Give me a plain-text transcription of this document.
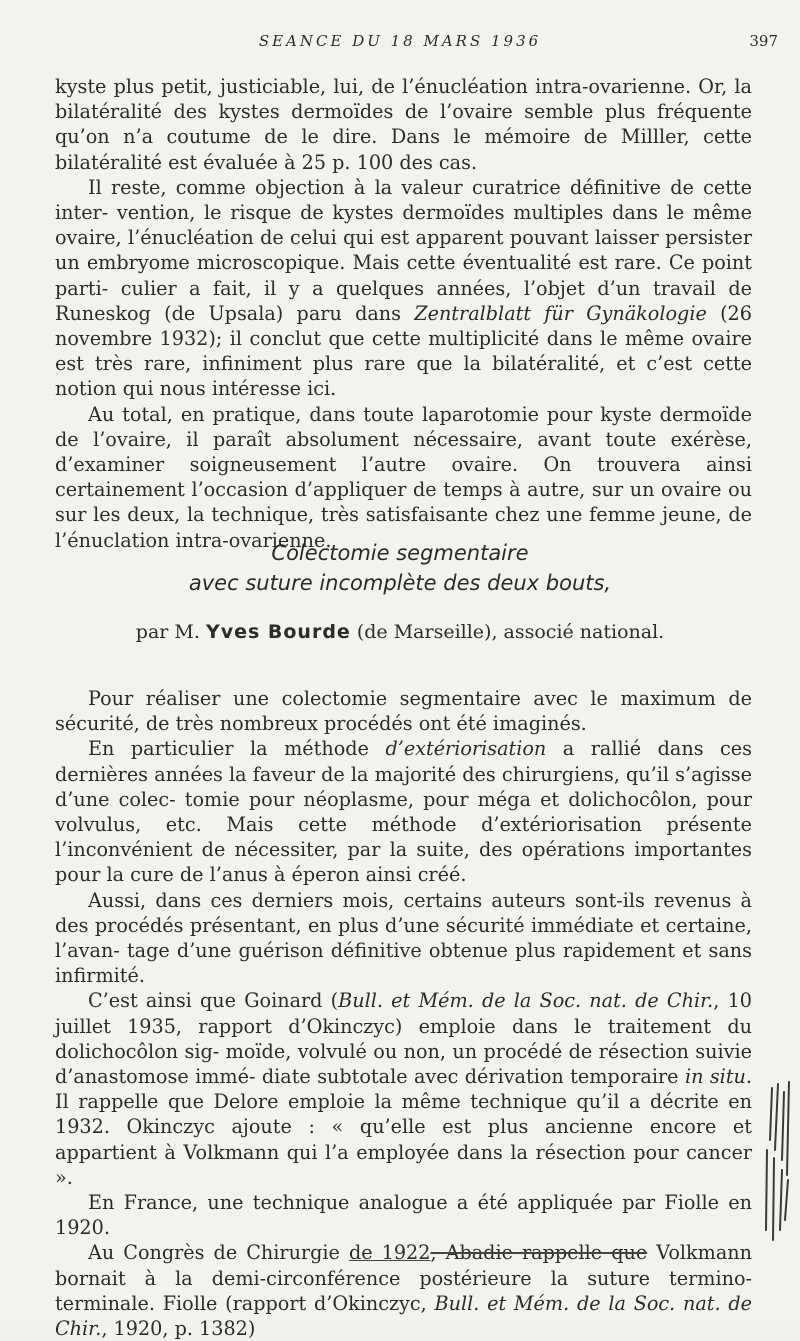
SEANCE DU 18 MARS 1936	397

kyste plus petit, justiciable, lui, de l’énucléation intra-ovarienne. Or, la bilatéralité des kystes dermoïdes de l’ovaire semble plus fréquente qu’on n’a coutume de le dire. Dans le mémoire de Milller, cette bilatéralité est évaluée à 25 p. 100 des cas.

Il reste, comme objection à la valeur curatrice définitive de cette inter- vention, le risque de kystes dermoïdes multiples dans le même ovaire, l’énucléation de celui qui est apparent pouvant laisser persister un embryome microscopique. Mais cette éventualité est rare. Ce point parti- culier a fait, il y a quelques années, l’objet d’un travail de Runeskog (de Upsala) paru dans Zentralblatt für Gynäkologie (26 novembre 1932); il conclut que cette multiplicité dans le même ovaire est très rare, infiniment plus rare que la bilatéralité, et c’est cette notion qui nous intéresse ici.

Au total, en pratique, dans toute laparotomie pour kyste dermoïde de l’ovaire, il paraît absolument nécessaire, avant toute exérèse, d’examiner soigneusement l’autre ovaire. On trouvera ainsi certainement l’occasion d’appliquer de temps à autre, sur un ovaire ou sur les deux, la technique, très satisfaisante chez une femme jeune, de l’énuclation intra-ovarienne.

Colectomie segmentaire
avec suture incomplète des deux bouts,
par M. Yves Bourde (de Marseille), associé national.

Pour réaliser une colectomie segmentaire avec le maximum de sécurité, de très nombreux procédés ont été imaginés.

En particulier la méthode d’extériorisation a rallié dans ces dernières années la faveur de la majorité des chirurgiens, qu’il s’agisse d’une colec- tomie pour néoplasme, pour méga et dolichocôlon, pour volvulus, etc. Mais cette méthode d’extériorisation présente l’inconvénient de nécessiter, par la suite, des opérations importantes pour la cure de l’anus à éperon ainsi créé.

Aussi, dans ces derniers mois, certains auteurs sont-ils revenus à des procédés présentant, en plus d’une sécurité immédiate et certaine, l’avan- tage d’une guérison définitive obtenue plus rapidement et sans infirmité.

C’est ainsi que Goinard (Bull. et Mém. de la Soc. nat. de Chir., 10 juillet 1935, rapport d’Okinczyc) emploie dans le traitement du dolichocôlon sig- moïde, volvulé ou non, un procédé de résection suivie d’anastomose immé- diate subtotale avec dérivation temporaire in situ. Il rappelle que Delore emploie la même technique qu’il a décrite en 1932. Okinczyc ajoute : « qu’elle est plus ancienne encore et appartient à Volkmann qui l’a employée dans la résection pour cancer ».

En France, une technique analogue a été appliquée par Fiolle en 1920.

Au Congrès de Chirurgie de 1922, Abadie rappelle que Volkmann bornait à la demi-circonférence postérieure la suture termino-terminale. Fiolle (rapport d’Okinczyc, Bull. et Mém. de la Soc. nat. de Chir., 1920, p. 1382)
